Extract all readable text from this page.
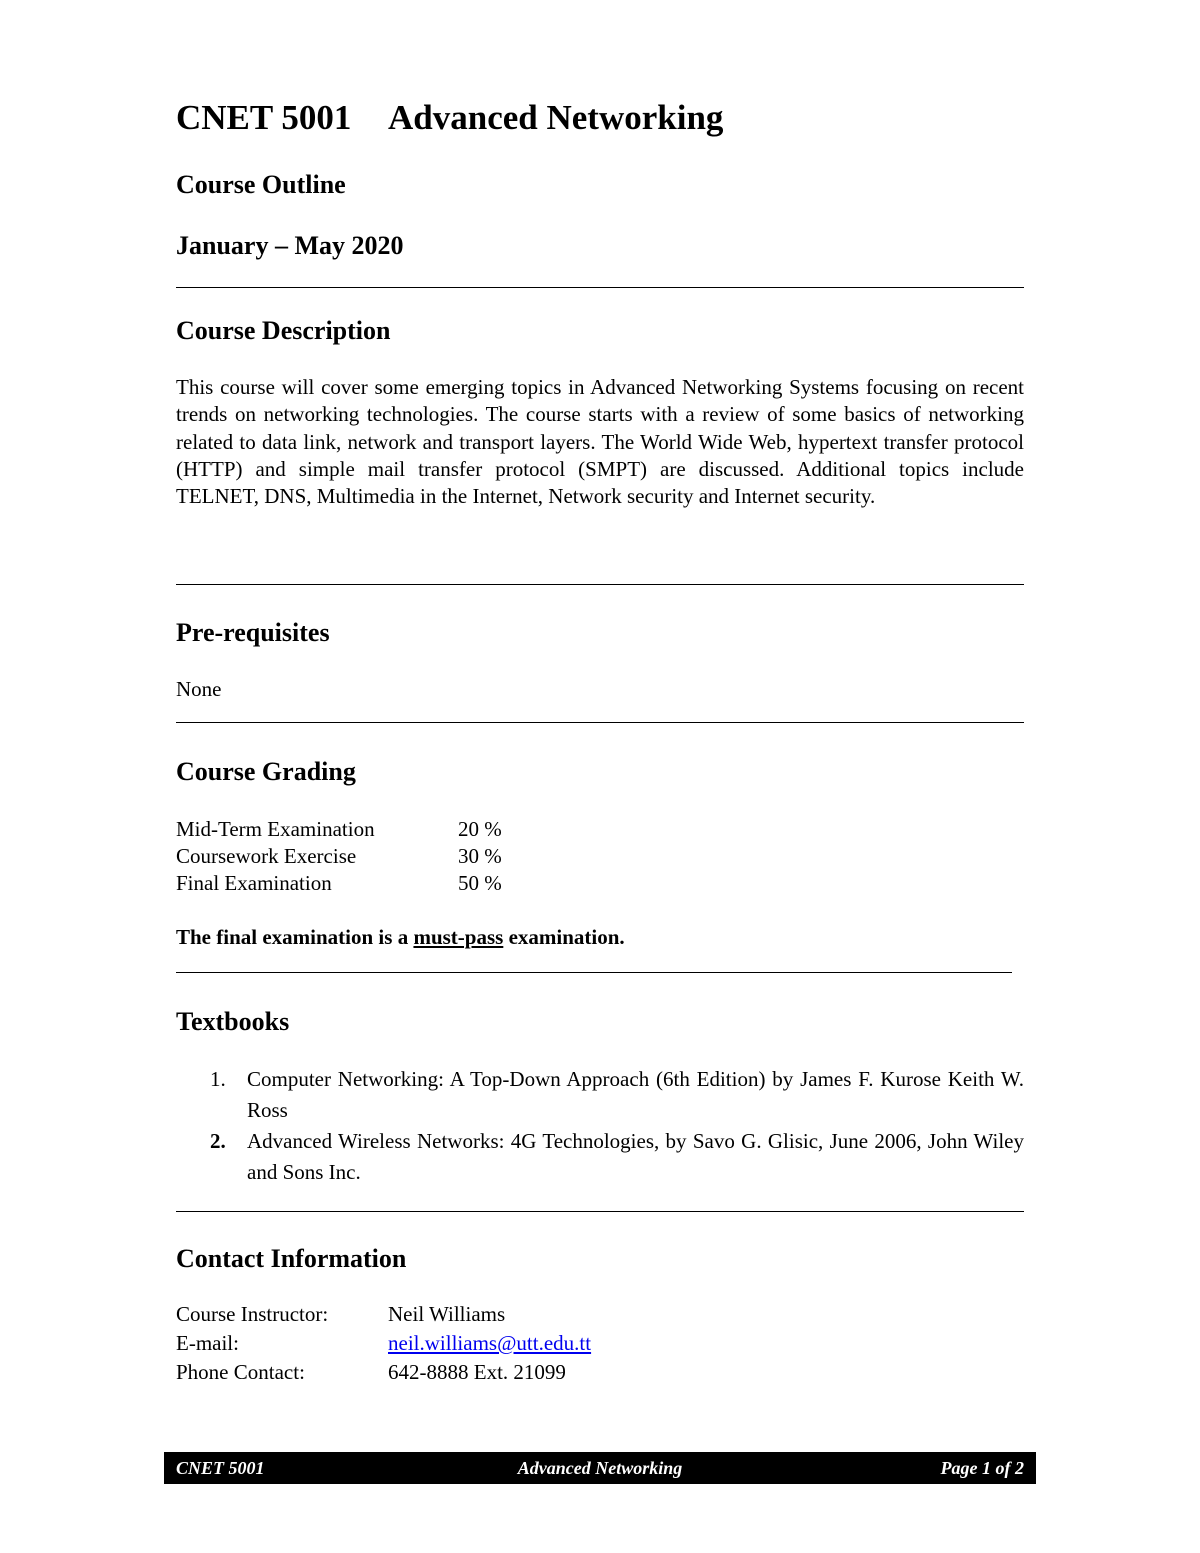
CNET 5001 Advanced Networking
Course Outline
January – May 2020
Course Description
This course will cover some emerging topics in Advanced Networking Systems focusing on recent trends on networking technologies. The course starts with a review of some basics of networking related to data link, network and transport layers. The World Wide Web, hypertext transfer protocol (HTTP) and simple mail transfer protocol (SMPT) are discussed. Additional topics include TELNET, DNS, Multimedia in the Internet, Network security and Internet security.
Pre-requisites
None
Course Grading
Mid-Term Examination	20 %
Coursework Exercise	30 %
Final Examination	50 %
The final examination is a must-pass examination.
Textbooks
1. Computer Networking: A Top-Down Approach (6th Edition) by James F. Kurose Keith W. Ross
2. Advanced Wireless Networks: 4G Technologies, by Savo G. Glisic, June 2006, John Wiley and Sons Inc.
Contact Information
Course Instructor:	Neil Williams
E-mail:	neil.williams@utt.edu.tt
Phone Contact:	642-8888 Ext. 21099
CNET 5001	Advanced Networking	Page 1 of 2
